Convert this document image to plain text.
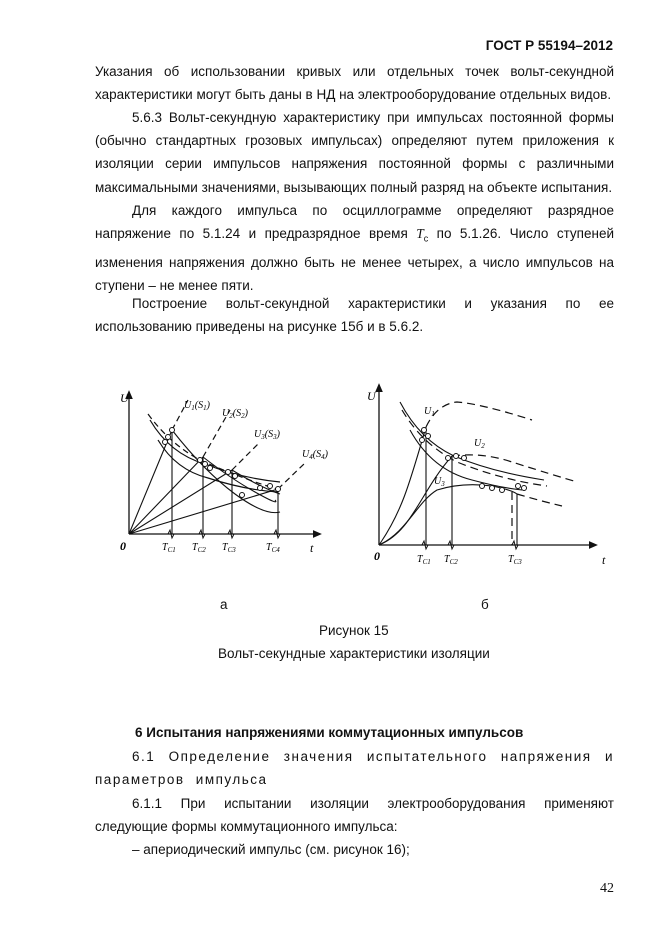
ГОСТ Р 55194–2012

Указания об использовании кривых или отдельных точек вольт-секундной характеристики могут быть даны в НД на электрооборудование отдельных видов.

5.6.3 Вольт-секундную характеристику при импульсах постоянной формы (обычно стандартных грозовых импульсах) определяют путем приложения к изоляции серии импульсов напряжения постоянной формы с различными максимальными значениями, вызывающих полный разряд на объекте испытания.

Для каждого импульса по осциллограмме определяют разрядное напряжение по 5.1.24 и предразрядное время $T_c$ по 5.1.26. Число ступеней изменения напряжения должно быть не менее четырех, а число импульсов на ступени – не менее пяти.

Построение вольт-секундной характеристики и указания по ее использованию приведены на рисунке 15б и в 5.6.2.

U
0	t
$U_1(S_1)$
$U_2(S_2)$
$U_3(S_3)$
$U_4(S_4)$
$T_{C1}$ $T_{C2}$ $T_{C3}$	$T_{C4}$
U
0	t
$U_1$
$U_2$
$U_3$
$T_{C1}$ $T_{C2}$	$T_{C3}$
а	б
Рисунок 15
Вольт-секундные характеристики изоляции
6 Испытания напряжениями коммутационных импульсов

6.1 Определение значения испытательного напряжения и параметров импульса

6.1.1 При испытании изоляции электрооборудования применяют следующие формы коммутационного импульса:

– апериодический импульс (см. рисунок 16);

42
